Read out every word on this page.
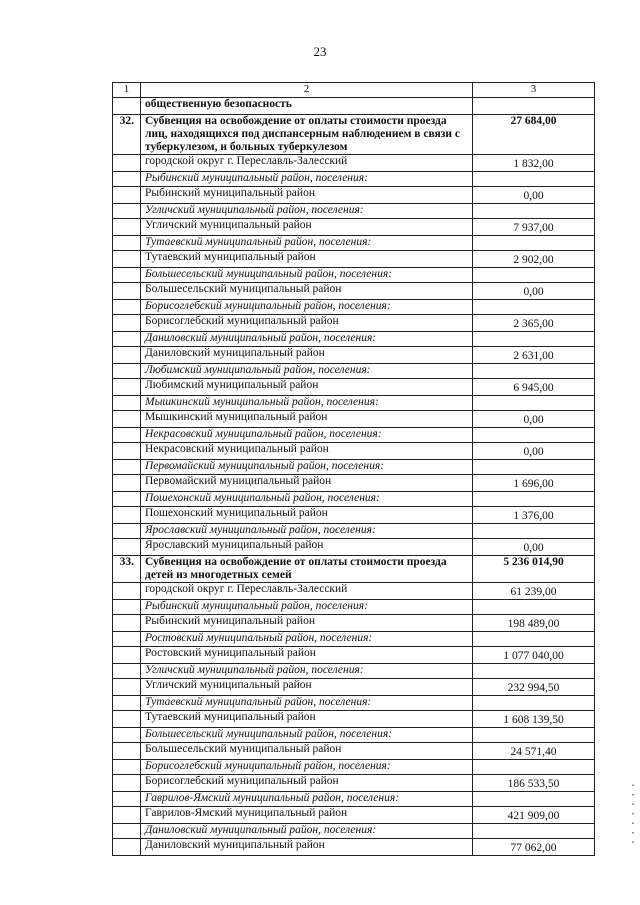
23
1	2	3
	общественную безопасность	
32.	Субвенция на освобождение от оплаты стоимости проезда лиц, находящихся под диспансерным наблюдением в связи с туберкулезом, и больных туберкулезом	27 684,00
	городской округ г. Переславль-Залесский	1 832,00
	Рыбинский муниципальный район, поселения:	
	Рыбинский муниципальный район	0,00
	Угличский муниципальный район, поселения:	
	Угличский муниципальный район	7 937,00
	Тутаевский муниципальный район, поселения:	
	Тутаевский муниципальный район	2 902,00
	Большесельский муниципальный район, поселения:	
	Большесельский муниципальный район	0,00
	Борисоглебский муниципальный район, поселения:	
	Борисоглебский муниципальный район	2 365,00
	Даниловский муниципальный район, поселения:	
	Даниловский муниципальный район	2 631,00
	Любимский муниципальный район, поселения:	
	Любимский муниципальный район	6 945,00
	Мышкинский муниципальный район, поселения:	
	Мышкинский муниципальный район	0,00
	Некрасовский муниципальный район, поселения:	
	Некрасовский муниципальный район	0,00
	Первомайский муниципальный район, поселения:	
	Первомайский муниципальный район	1 696,00
	Пошехонский муниципальный район, поселения:	
	Пошехонский муниципальный район	1 376,00
	Ярославский муниципальный район, поселения:	
	Ярославский муниципальный район	0,00
33.	Субвенция на освобождение от оплаты стоимости проезда детей из многодетных семей	5 236 014,90
	городской округ г. Переславль-Залесский	61 239,00
	Рыбинский муниципальный район, поселения:	
	Рыбинский муниципальный район	198 489,00
	Ростовский муниципальный район, поселения:	
	Ростовский муниципальный район	1 077 040,00
	Угличский муниципальный район, поселения:	
	Угличский муниципальный район	232 994,50
	Тутаевский муниципальный район, поселения:	
	Тутаевский муниципальный район	1 608 139,50
	Большесельский муниципальный район, поселения:	
	Большесельский муниципальный район	24 571,40
	Борисоглебский муниципальный район, поселения:	
	Борисоглебский муниципальный район	186 533,50
	Гаврилов-Ямский муниципальный район, поселения:	
	Гаврилов-Ямский муниципальный район	421 909,00
	Даниловский муниципальный район, поселения:	
	Даниловский муниципальный район	77 062,00
▪ ▪ ▪ ▪ ▪ ▪ ▪
